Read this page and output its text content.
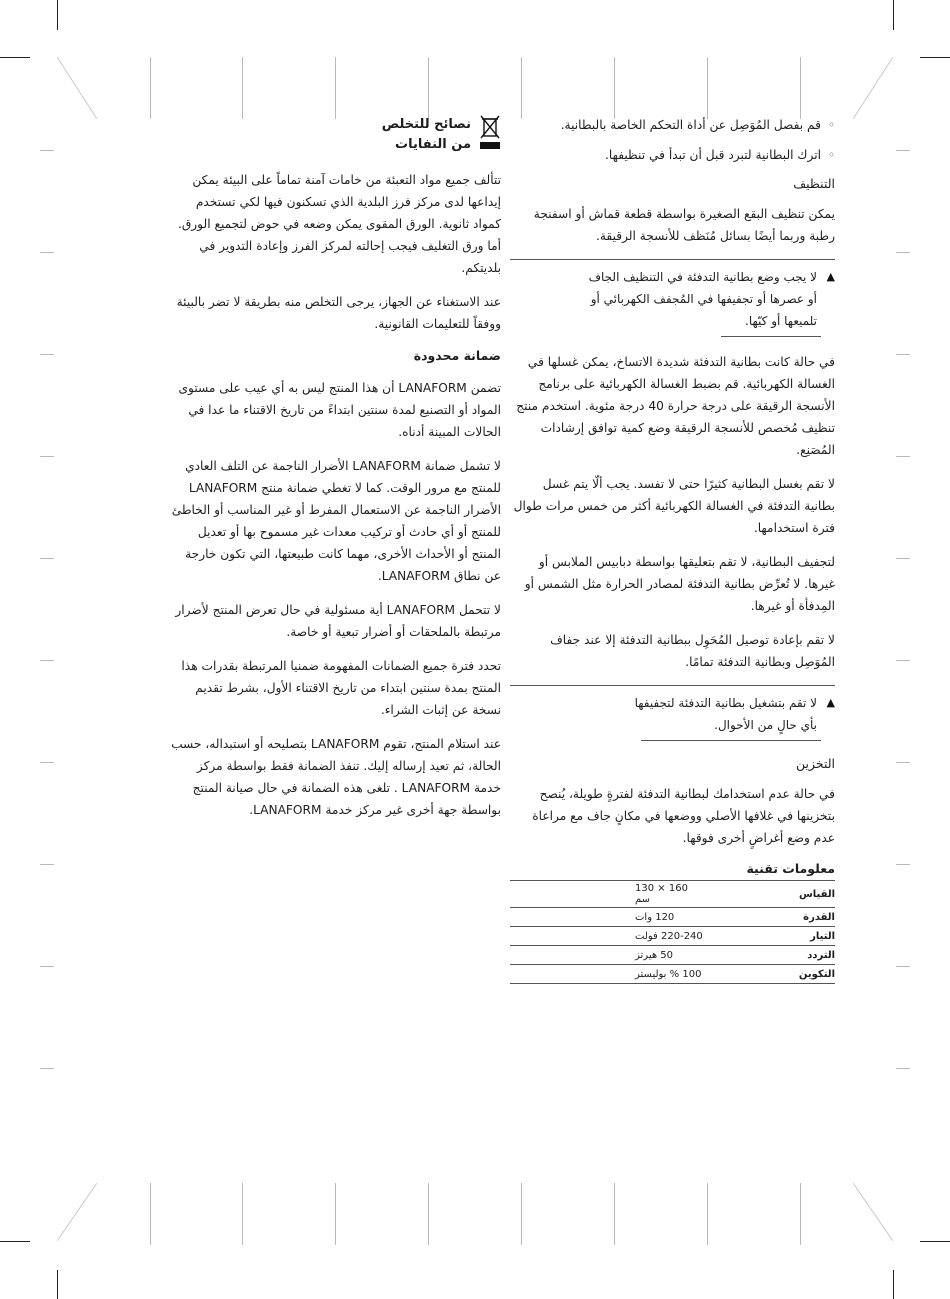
نصائح للتخلص
من النفايات

تتألف جميع مواد التعبئة من خامات آمنة تماماً على البيئة يمكن إيداعها لدى مركز فرز البلدية الذي تسكنون فيها لكي تستخدم كمواد ثانوية. الورق المقوى يمكن وضعه في حوض لتجميع الورق. أما ورق التغليف فيجب إحالته لمركز الفرز وإعادة التدوير في بلديتكم.

عند الاستغناء عن الجهاز، يرجى التخلص منه بطريقة لا تضر بالبيئة ووفقاً للتعليمات القانونية.

ضمانة محدودة

تضمن LANAFORM أن هذا المنتج ليس به أي عيب على مستوى المواد أو التصنيع لمدة سنتين ابتداءً من تاريخ الاقتناء ما عدا في الحالات المبينة أدناه.

لا تشمل ضمانة LANAFORM الأضرار الناجمة عن التلف العادي للمنتج مع مرور الوقت. كما لا تغطي ضمانة منتج LANAFORM الأضرار الناجمة عن الاستعمال المفرط أو غير المناسب أو الخاطئ للمنتج أو أي حادث أو تركيب معدات غير مسموح بها أو تعديل المنتج أو الأحداث الأخرى، مهما كانت طبيعتها، التي تكون خارجة عن نطاق LANAFORM.

لا تتحمل LANAFORM أية مسئولية في حال تعرض المنتج لأضرار مرتبطة بالملحقات أو أضرار تبعية أو خاصة.

تحدد فترة جميع الضمانات المفهومة ضمنيا المرتبطة بقدرات هذا المنتج بمدة سنتين ابتداء من تاريخ الاقتناء الأول، بشرط تقديم نسخة عن إثبات الشراء.

عند استلام المنتج، تقوم LANAFORM بتصليحه أو استبداله، حسب الحالة، ثم تعيد إرساله إليك. تنفذ الضمانة فقط بواسطة مركز خدمة LANAFORM . تلغى هذه الضمانة في حال صيانة المنتج بواسطة جهة أخرى غير مركز خدمة LANAFORM.

◦ قم بفصل المُوَصِل عن أداة التحكم الخاصة بالبطانية.
◦ اترك البطانية لتبرد قبل أن تبدأ في تنظيفها.
التنظيف

يمكن تنظيف البقع الصغيرة بواسطة قطعة قماش أو اسفنجة رطبة وربما أيضًا بسائل مُنَظف للأنسجة الرقيقة.

▲
لا يجب وضع بطانية التدفئة في التنظيف الجاف أو عصرها أو تجفيفها في المُجفف الكهربائي أو تلميعها أو كيّها.

في حالة كانت بطانية التدفئة شديدة الاتساخ، يمكن غسلها في الغسالة الكهربائية. قم بضبط الغسالة الكهربائية على برنامج الأنسجة الرقيقة على درجة حرارة 40 درجة مئوية. استخدم منتج تنظيف مُخصص للأنسجة الرقيقة وضع كمية توافق إرشادات المُصَنِع.

لا تقم بغسل البطانية كثيرًا حتى لا تفسد. يجب ألّا يتم غسل بطانية التدفئة في الغسالة الكهربائية أكثر من خمس مرات طوال فترة استخدامها.

لتجفيف البطانية، لا تقم بتعليقها بواسطة دبابيس الملابس أو غيرها. لا تُعرِّض بطانية التدفئة لمصادر الحرارة مثل الشمس أو المِدفأة أو غيرها.

لا تقم بإعادة توصيل المُحَوِل ببطانية التدفئة إلا عند جفاف المُوَصِل وبطانية التدفئة تمامًا.

▲
لا تقم بتشغيل بطانية التدفئة لتجفيفها بأي حالٍ من الأحوال.
التخزين

في حالة عدم استخدامك لبطانية التدفئة لفترةٍ طويلة، يُنصح بتخزينها في غلافها الأصلي ووضعها في مكانٍ جاف مع مراعاة عدم وضع أغراضٍ أخرى فوقها.

معلومات تقنية
القياس	160 × 130 سم
القدرة	120 وات
التيار	220-240 فولت
التردد	50 هيرتز
التكوين	100 % بوليستر
